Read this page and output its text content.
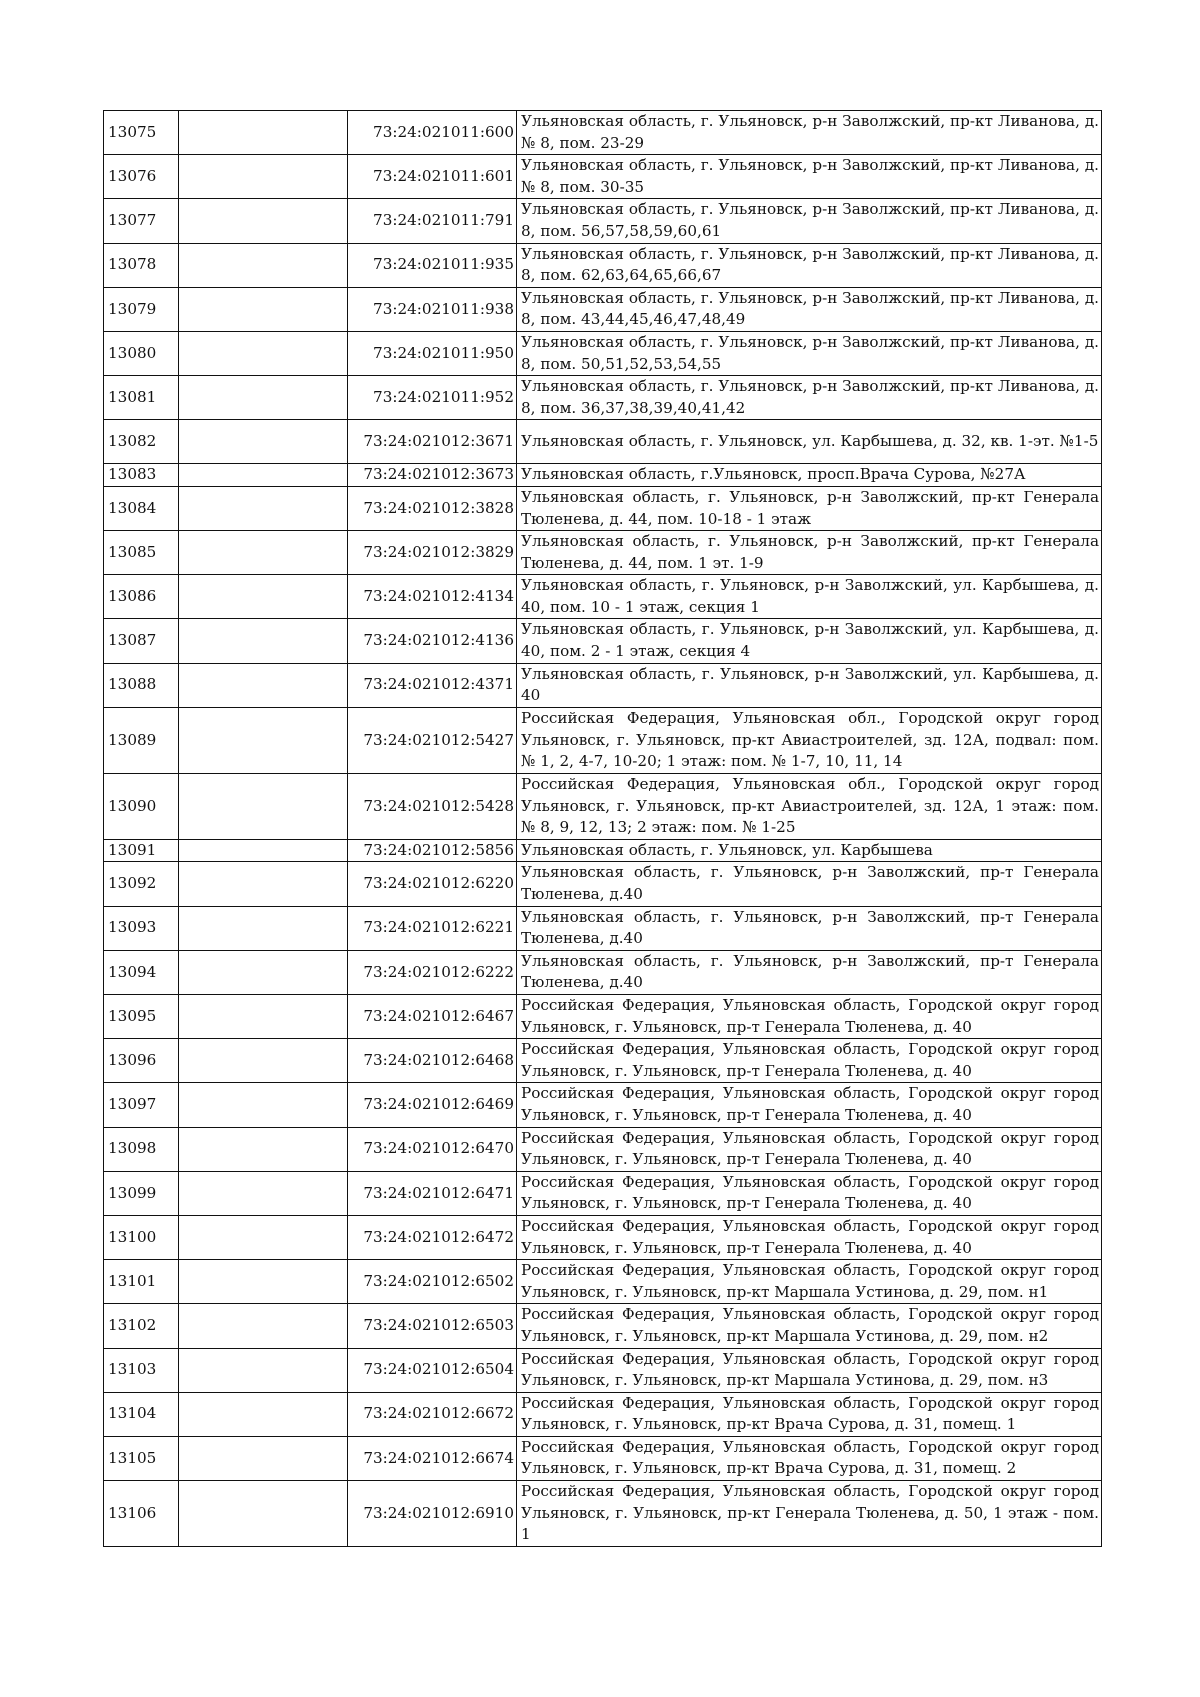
13075		73:24:021011:600	Ульяновская область, г. Ульяновск, р-н Заволжский, пр-кт Ливанова, д. № 8, пом. 23-29
13076		73:24:021011:601	Ульяновская область, г. Ульяновск, р-н Заволжский, пр-кт Ливанова, д. № 8, пом. 30-35
13077		73:24:021011:791	Ульяновская область, г. Ульяновск, р-н Заволжский, пр-кт Ливанова, д. 8, пом. 56,57,58,59,60,61
13078		73:24:021011:935	Ульяновская область, г. Ульяновск, р-н Заволжский, пр-кт Ливанова, д. 8, пом. 62,63,64,65,66,67
13079		73:24:021011:938	Ульяновская область, г. Ульяновск, р-н Заволжский, пр-кт Ливанова, д. 8, пом. 43,44,45,46,47,48,49
13080		73:24:021011:950	Ульяновская область, г. Ульяновск, р-н Заволжский, пр-кт Ливанова, д. 8, пом. 50,51,52,53,54,55
13081		73:24:021011:952	Ульяновская область, г. Ульяновск, р-н Заволжский, пр-кт Ливанова, д. 8, пом. 36,37,38,39,40,41,42
13082		73:24:021012:3671	Ульяновская область, г. Ульяновск, ул. Карбышева, д. 32, кв. 1-эт. №1-5
13083		73:24:021012:3673	Ульяновская область, г.Ульяновск, просп.Врача Сурова, №27А
13084		73:24:021012:3828	Ульяновская область, г. Ульяновск, р-н Заволжский, пр-кт Генерала Тюленева, д. 44, пом. 10-18 - 1 этаж
13085		73:24:021012:3829	Ульяновская область, г. Ульяновск, р-н Заволжский, пр-кт Генерала Тюленева, д. 44, пом. 1 эт. 1-9
13086		73:24:021012:4134	Ульяновская область, г. Ульяновск, р-н Заволжский, ул. Карбышева, д. 40, пом. 10 - 1 этаж, секция 1
13087		73:24:021012:4136	Ульяновская область, г. Ульяновск, р-н Заволжский, ул. Карбышева, д. 40, пом. 2 - 1 этаж, секция 4
13088		73:24:021012:4371	Ульяновская область, г. Ульяновск, р-н Заволжский, ул. Карбышева, д. 40
13089		73:24:021012:5427	Российская Федерация, Ульяновская обл., Городской округ город Ульяновск, г. Ульяновск, пр-кт Авиастроителей, зд. 12А, подвал: пом. № 1, 2, 4-7, 10-20; 1 этаж: пом. № 1-7, 10, 11, 14
13090		73:24:021012:5428	Российская Федерация, Ульяновская обл., Городской округ город Ульяновск, г. Ульяновск, пр-кт Авиастроителей, зд. 12А, 1 этаж: пом. № 8, 9, 12, 13; 2 этаж: пом. № 1-25
13091		73:24:021012:5856	Ульяновская область, г. Ульяновск, ул. Карбышева
13092		73:24:021012:6220	Ульяновская область, г. Ульяновск, р-н Заволжский, пр-т Генерала Тюленева, д.40
13093		73:24:021012:6221	Ульяновская область, г. Ульяновск, р-н Заволжский, пр-т Генерала Тюленева, д.40
13094		73:24:021012:6222	Ульяновская область, г. Ульяновск, р-н Заволжский, пр-т Генерала Тюленева, д.40
13095		73:24:021012:6467	Российская Федерация, Ульяновская область, Городской округ город Ульяновск, г. Ульяновск, пр-т Генерала Тюленева, д. 40
13096		73:24:021012:6468	Российская Федерация, Ульяновская область, Городской округ город Ульяновск, г. Ульяновск, пр-т Генерала Тюленева, д. 40
13097		73:24:021012:6469	Российская Федерация, Ульяновская область, Городской округ город Ульяновск, г. Ульяновск, пр-т Генерала Тюленева, д. 40
13098		73:24:021012:6470	Российская Федерация, Ульяновская область, Городской округ город Ульяновск, г. Ульяновск, пр-т Генерала Тюленева, д. 40
13099		73:24:021012:6471	Российская Федерация, Ульяновская область, Городской округ город Ульяновск, г. Ульяновск, пр-т Генерала Тюленева, д. 40
13100		73:24:021012:6472	Российская Федерация, Ульяновская область, Городской округ город Ульяновск, г. Ульяновск, пр-т Генерала Тюленева, д. 40
13101		73:24:021012:6502	Российская Федерация, Ульяновская область, Городской округ город Ульяновск, г. Ульяновск, пр-кт Маршала Устинова, д. 29, пом. н1
13102		73:24:021012:6503	Российская Федерация, Ульяновская область, Городской округ город Ульяновск, г. Ульяновск, пр-кт Маршала Устинова, д. 29, пом. н2
13103		73:24:021012:6504	Российская Федерация, Ульяновская область, Городской округ город Ульяновск, г. Ульяновск, пр-кт Маршала Устинова, д. 29, пом. н3
13104		73:24:021012:6672	Российская Федерация, Ульяновская область, Городской округ город Ульяновск, г. Ульяновск, пр-кт Врача Сурова, д. 31, помещ. 1
13105		73:24:021012:6674	Российская Федерация, Ульяновская область, Городской округ город Ульяновск, г. Ульяновск, пр-кт Врача Сурова, д. 31, помещ. 2
13106		73:24:021012:6910	Российская Федерация, Ульяновская область, Городской округ город Ульяновск, г. Ульяновск, пр-кт Генерала Тюленева, д. 50, 1 этаж - пом. 1
